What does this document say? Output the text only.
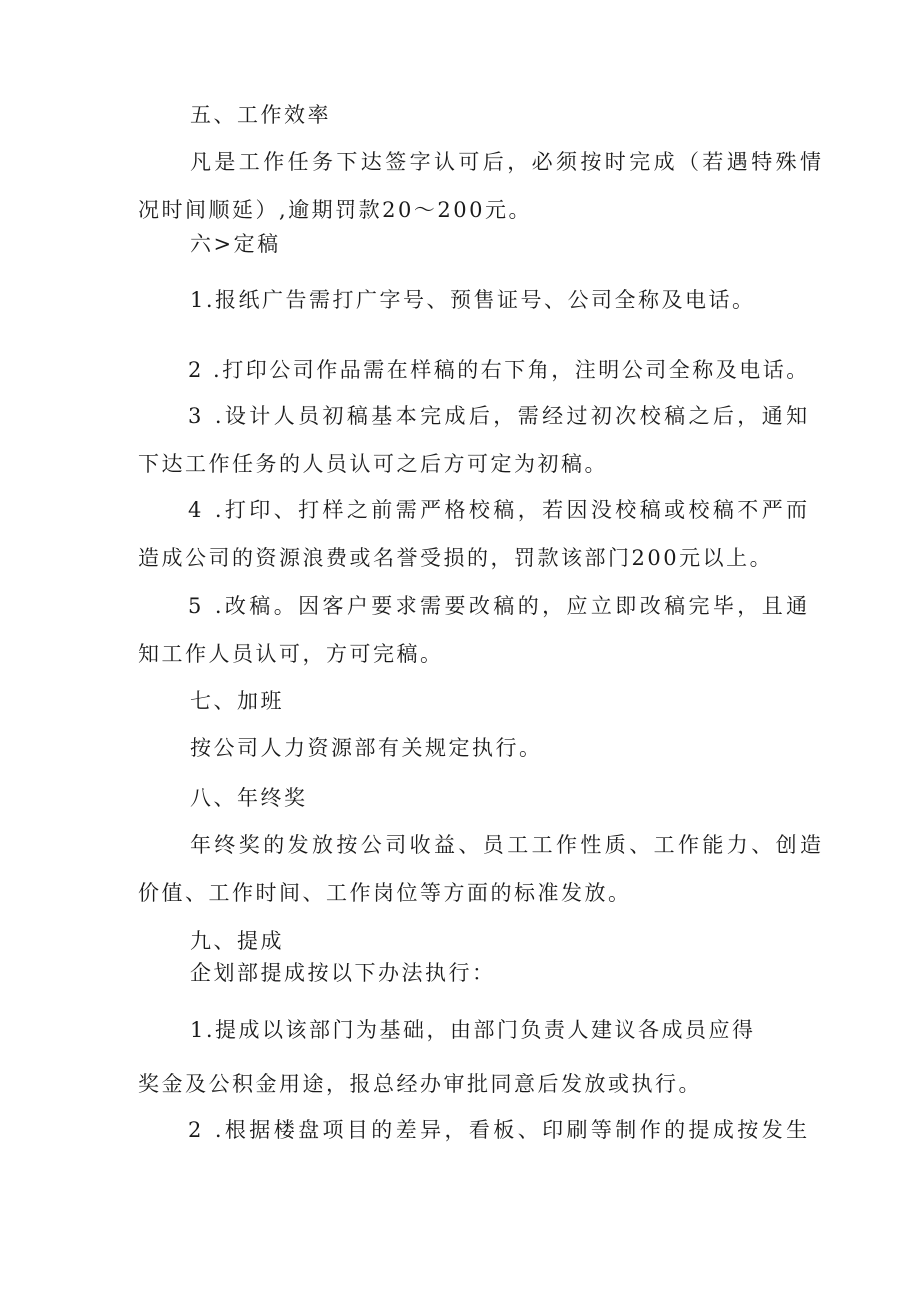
五、工作效率
凡是工作任务下达签字认可后，必须按时完成（若遇特殊情
况时间顺延）,逾期罚款20～200元。
六>定稿
1.报纸广告需打广字号、预售证号、公司全称及电话。
2 .打印公司作品需在样稿的右下角，注明公司全称及电话。
3 .设计人员初稿基本完成后，需经过初次校稿之后，通知
下达工作任务的人员认可之后方可定为初稿。
4 .打印、打样之前需严格校稿，若因没校稿或校稿不严而
造成公司的资源浪费或名誉受损的，罚款该部门200元以上。
5 .改稿。因客户要求需要改稿的，应立即改稿完毕，且通
知工作人员认可，方可完稿。
七、加班
按公司人力资源部有关规定执行。
八、年终奖
年终奖的发放按公司收益、员工工作性质、工作能力、创造
价值、工作时间、工作岗位等方面的标准发放。
九、提成
企划部提成按以下办法执行：
1.提成以该部门为基础，由部门负责人建议各成员应得
奖金及公积金用途，报总经办审批同意后发放或执行。
2 .根据楼盘项目的差异，看板、印刷等制作的提成按发生
